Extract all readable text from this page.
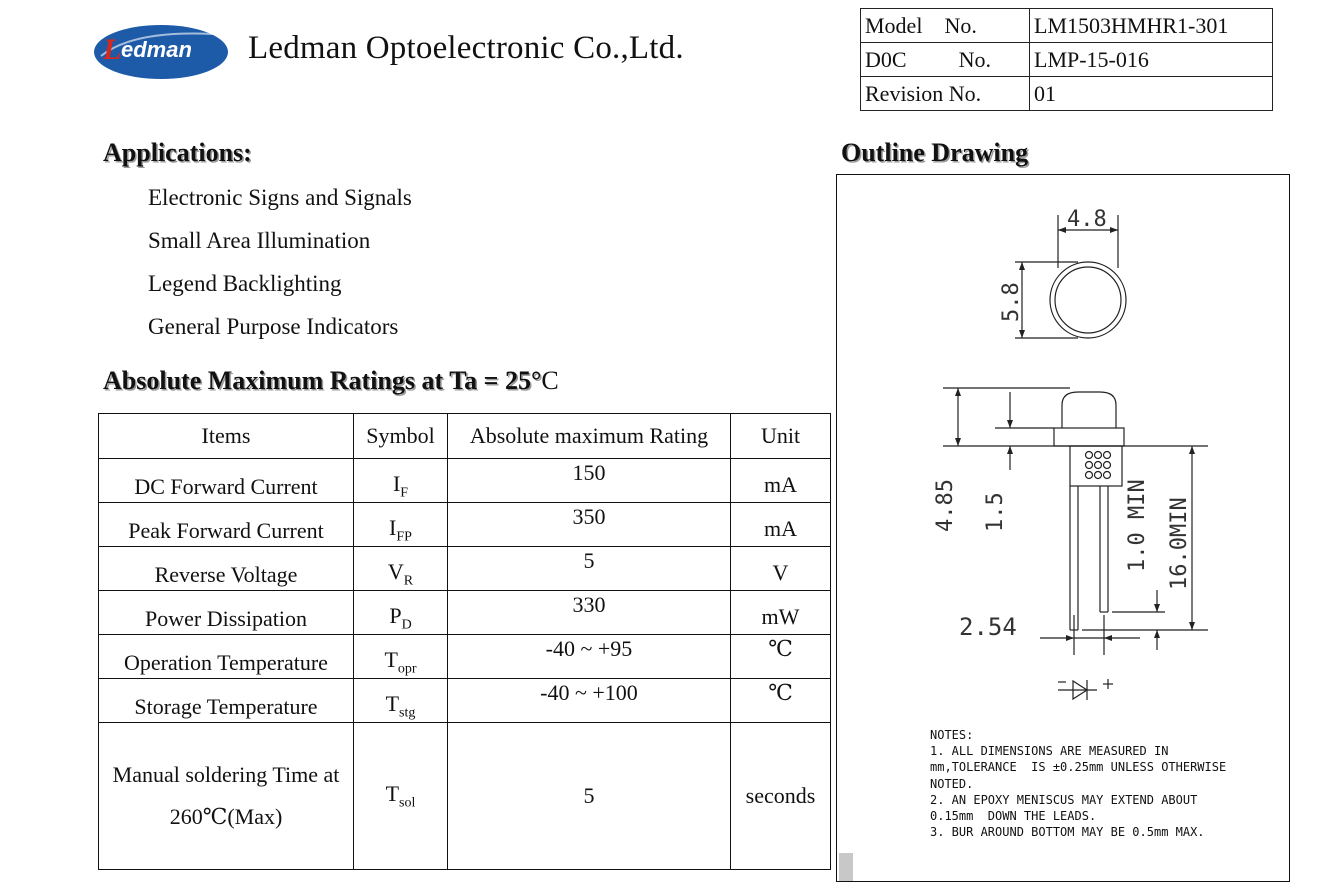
L edman Ledman Optoelectronic Co.,Ltd.
Model No.	LM1503HMHR1-301
D0C No.	LMP-15-016
Revision No.	01
Applications:
Electronic Signs and Signals
Small Area Illumination
Legend Backlighting
General Purpose Indicators
Absolute Maximum Ratings at Ta = 25°C
Items	Symbol	Absolute maximum Rating	Unit
DC Forward Current	$I_F$	150	mA
Peak Forward Current	$I_{FP}$	350	mA
Reverse Voltage	$V_R$	5	V
Power Dissipation	$P_D$	330	mW
Operation Temperature	$T_{opr}$	-40 ~ +95	℃
Storage Temperature	$T_{stg}$	-40 ~ +100	℃
Manual soldering Time at
260℃(Max)	$T_{sol}$	5	seconds
Outline Drawing
4.8
5.8
4.85 1.5	1.0 MIN 16.0MIN
2.54
NOTES:
1. ALL DIMENSIONS ARE MEASURED IN
mm,TOLERANCE  IS ±0.25mm UNLESS OTHERWISE
NOTED.
2. AN EPOXY MENISCUS MAY EXTEND ABOUT
0.15mm  DOWN THE LEADS.
3. BUR AROUND BOTTOM MAY BE 0.5mm MAX.
